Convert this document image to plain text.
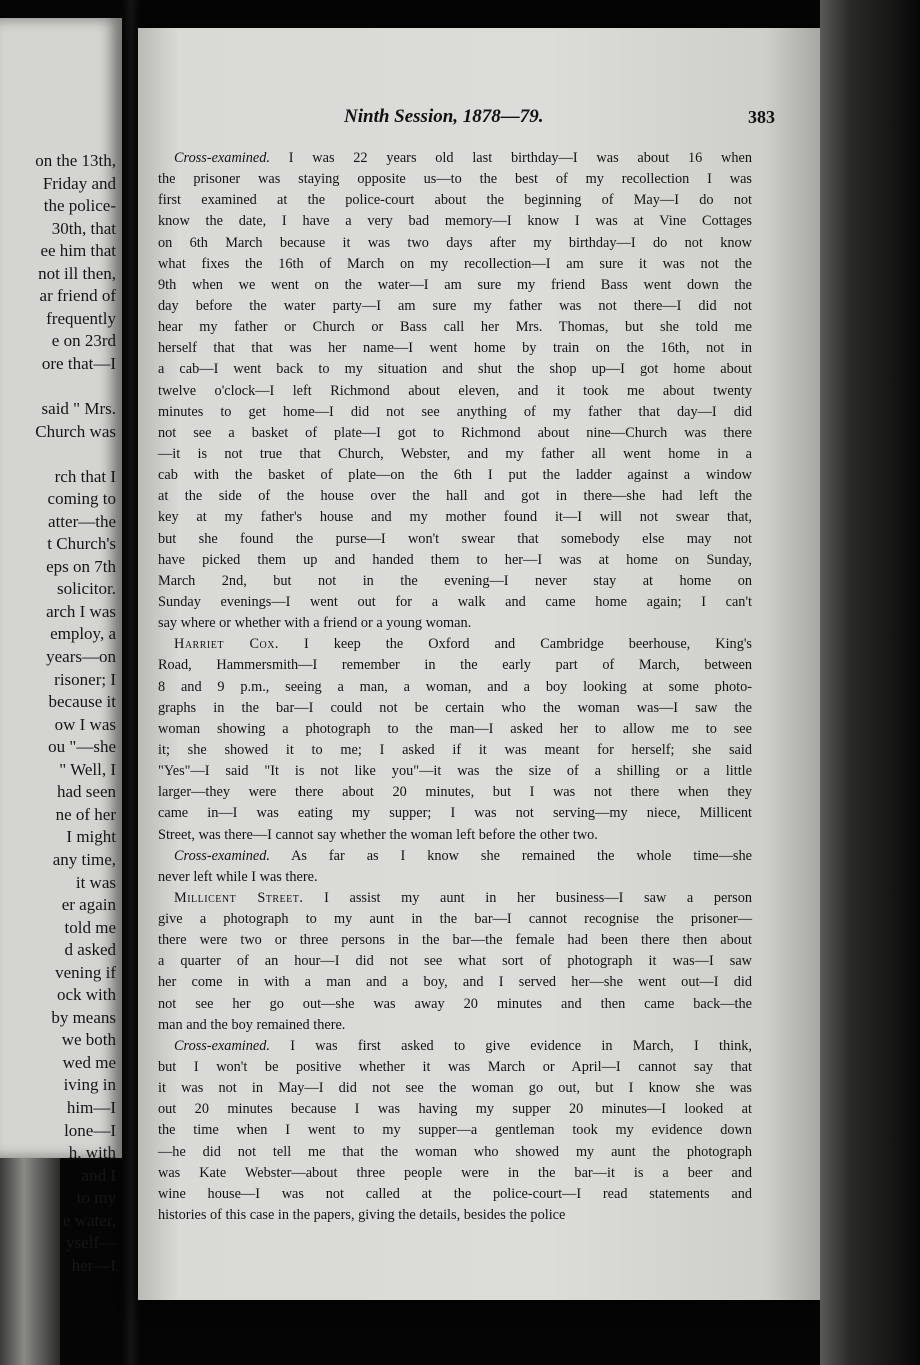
on the 13th,
Friday and
the police-
30th, that
ee him that
not ill then,
ar friend of
frequently
e on 23rd
ore that—I

said " Mrs.
Church was

rch that I
coming to
atter—the
t Church's
eps on 7th
solicitor.
arch I was
employ, a
years—on
risoner; I
because it
ow I was
ou "—she
" Well, I
had seen
ne of her
I might
any time,
it was
er again
told me
d asked
vening if
ock with
by means
we both
wed me
iving in
him—I
lone—I
h, with
and I
to my
e water,
yself—
her—I
Ninth Session, 1878—79.	383
Cross-examined. I was 22 years old last birthday—I was about 16 when
the prisoner was staying opposite us—to the best of my recollection I was
first examined at the police-court about the beginning of May—I do not
know the date, I have a very bad memory—I know I was at Vine Cottages
on 6th March because it was two days after my birthday—I do not know
what fixes the 16th of March on my recollection—I am sure it was not the
9th when we went on the water—I am sure my friend Bass went down the
day before the water party—I am sure my father was not there—I did not
hear my father or Church or Bass call her Mrs. Thomas, but she told me
herself that that was her name—I went home by train on the 16th, not in
a cab—I went back to my situation and shut the shop up—I got home about
twelve o'clock—I left Richmond about eleven, and it took me about twenty
minutes to get home—I did not see anything of my father that day—I did
not see a basket of plate—I got to Richmond about nine—Church was there
—it is not true that Church, Webster, and my father all went home in a
cab with the basket of plate—on the 6th I put the ladder against a window
at the side of the house over the hall and got in there—she had left the
key at my father's house and my mother found it—I will not swear that,
but she found the purse—I won't swear that somebody else may not
have picked them up and handed them to her—I was at home on Sunday,
March 2nd, but not in the evening—I never stay at home on
Sunday evenings—I went out for a walk and came home again; I can't
say where or whether with a friend or a young woman.
Harriet Cox. I keep the Oxford and Cambridge beerhouse, King's
Road, Hammersmith—I remember in the early part of March, between
8 and 9 p.m., seeing a man, a woman, and a boy looking at some photo-
graphs in the bar—I could not be certain who the woman was—I saw the
woman showing a photograph to the man—I asked her to allow me to see
it; she showed it to me; I asked if it was meant for herself; she said
"Yes"—I said "It is not like you"—it was the size of a shilling or a little
larger—they were there about 20 minutes, but I was not there when they
came in—I was eating my supper; I was not serving—my niece, Millicent
Street, was there—I cannot say whether the woman left before the other two.
Cross-examined. As far as I know she remained the whole time—she
never left while I was there.
Millicent Street. I assist my aunt in her business—I saw a person
give a photograph to my aunt in the bar—I cannot recognise the prisoner—
there were two or three persons in the bar—the female had been there then about
a quarter of an hour—I did not see what sort of photograph it was—I saw
her come in with a man and a boy, and I served her—she went out—I did
not see her go out—she was away 20 minutes and then came back—the
man and the boy remained there.
Cross-examined. I was first asked to give evidence in March, I think,
but I won't be positive whether it was March or April—I cannot say that
it was not in May—I did not see the woman go out, but I know she was
out 20 minutes because I was having my supper 20 minutes—I looked at
the time when I went to my supper—a gentleman took my evidence down
—he did not tell me that the woman who showed my aunt the photograph
was Kate Webster—about three people were in the bar—it is a beer and
wine house—I was not called at the police-court—I read statements and
histories of this case in the papers, giving the details, besides the police
